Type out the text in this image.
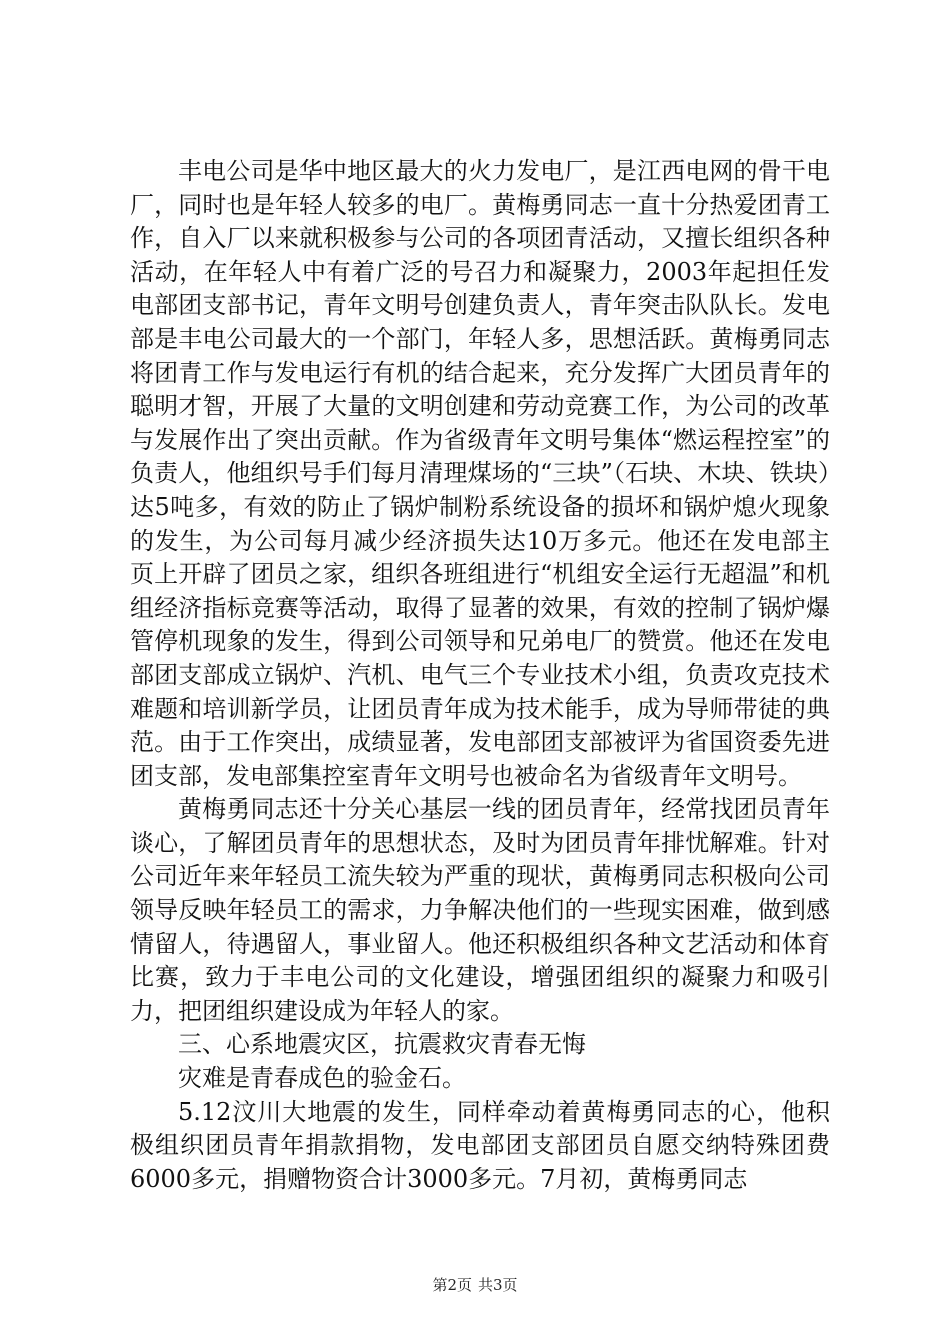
丰电公司是华中地区最大的火力发电厂，是江西电网的骨干电厂，同时也是年轻人较多的电厂。黄梅勇同志一直十分热爱团青工作，自入厂以来就积极参与公司的各项团青活动，又擅长组织各种活动，在年轻人中有着广泛的号召力和凝聚力，2003年起担任发电部团支部书记，青年文明号创建负责人，青年突击队队长。发电部是丰电公司最大的一个部门，年轻人多，思想活跃。黄梅勇同志将团青工作与发电运行有机的结合起来，充分发挥广大团员青年的聪明才智，开展了大量的文明创建和劳动竞赛工作，为公司的改革与发展作出了突出贡献。作为省级青年文明号集体“燃运程控室”的负责人，他组织号手们每月清理煤场的“三块”（石块、木块、铁块）达5吨多，有效的防止了锅炉制粉系统设备的损坏和锅炉熄火现象的发生，为公司每月减少经济损失达10万多元。他还在发电部主页上开辟了团员之家，组织各班组进行“机组安全运行无超温”和机组经济指标竞赛等活动，取得了显著的效果，有效的控制了锅炉爆管停机现象的发生，得到公司领导和兄弟电厂的赞赏。他还在发电部团支部成立锅炉、汽机、电气三个专业技术小组，负责攻克技术难题和培训新学员，让团员青年成为技术能手，成为导师带徒的典范。由于工作突出，成绩显著，发电部团支部被评为省国资委先进团支部，发电部集控室青年文明号也被命名为省级青年文明号。

黄梅勇同志还十分关心基层一线的团员青年，经常找团员青年谈心，了解团员青年的思想状态，及时为团员青年排忧解难。针对公司近年来年轻员工流失较为严重的现状，黄梅勇同志积极向公司领导反映年轻员工的需求，力争解决他们的一些现实困难，做到感情留人，待遇留人，事业留人。他还积极组织各种文艺活动和体育比赛，致力于丰电公司的文化建设，增强团组织的凝聚力和吸引力，把团组织建设成为年轻人的家。

三、心系地震灾区，抗震救灾青春无悔

灾难是青春成色的验金石。

5.12汶川大地震的发生，同样牵动着黄梅勇同志的心，他积极组织团员青年捐款捐物，发电部团支部团员自愿交纳特殊团费6000多元，捐赠物资合计3000多元。7月初，黄梅勇同志

第2页 共3页
